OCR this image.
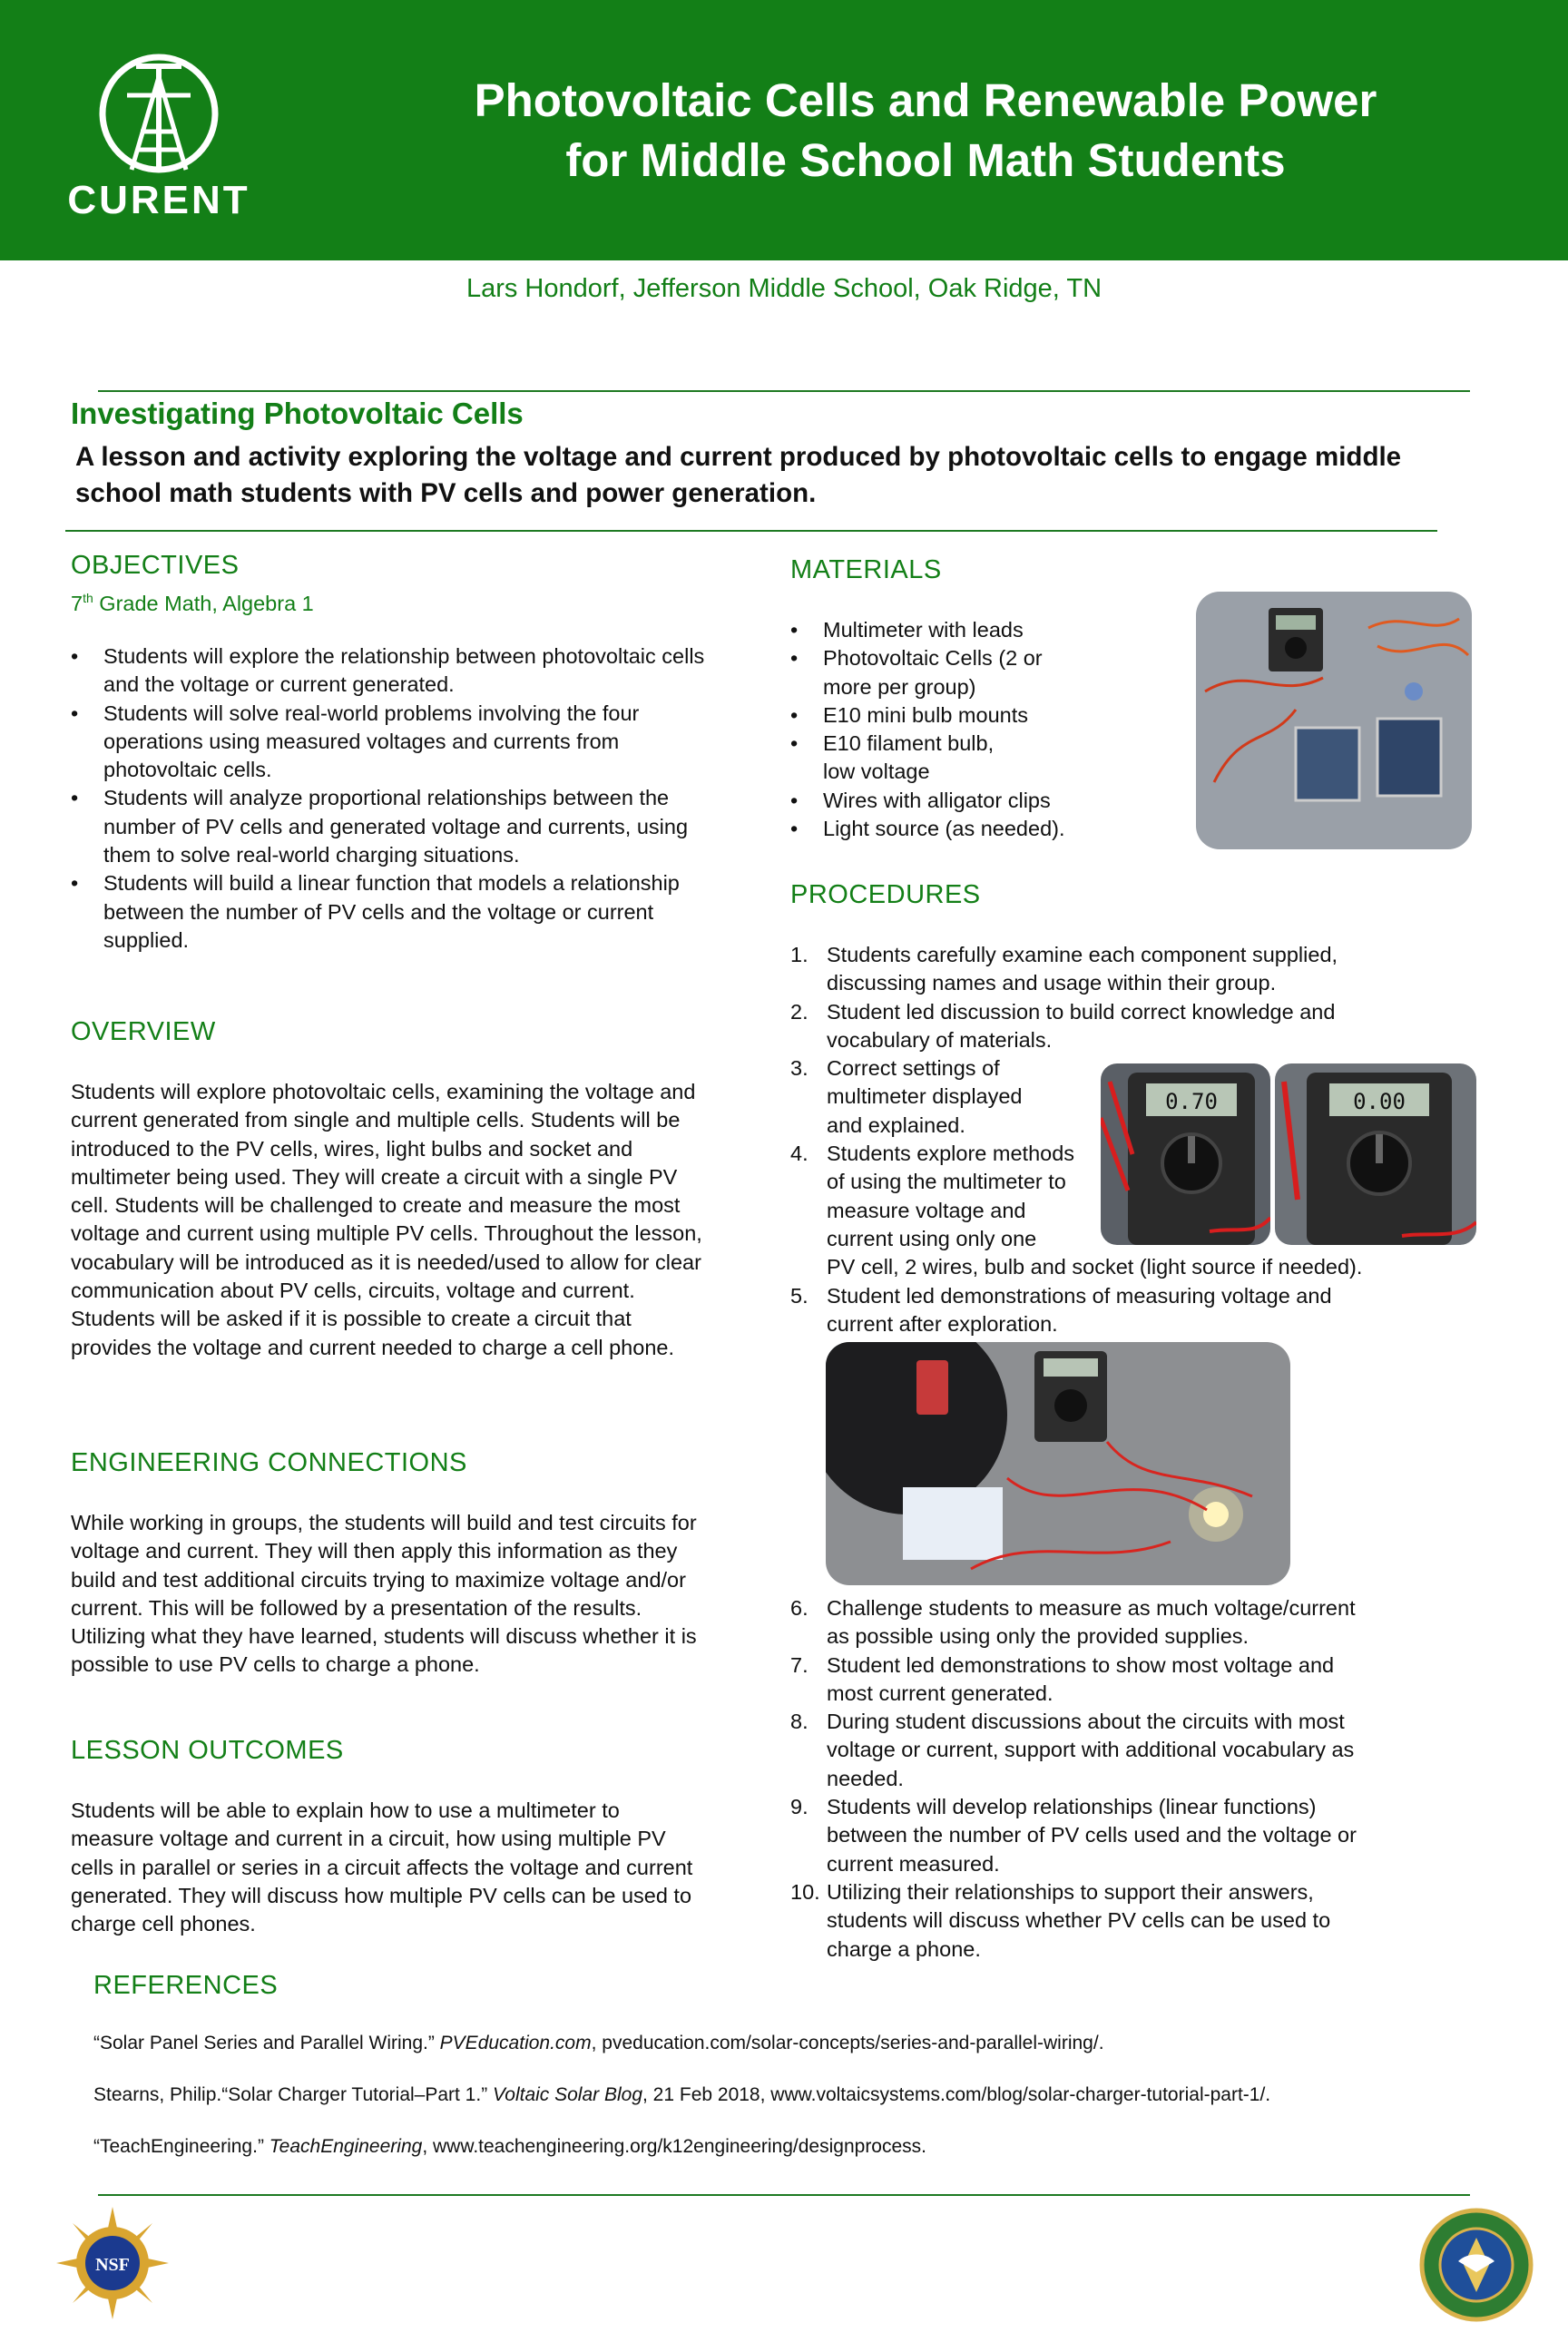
CURENT
Photovoltaic Cells and Renewable Power
for Middle School Math Students
Lars Hondorf, Jefferson Middle School, Oak Ridge, TN
Investigating Photovoltaic Cells
A lesson and activity exploring the voltage and current produced by photovoltaic cells to engage middle school math students with PV cells and power generation.
OBJECTIVES
7th Grade Math, Algebra 1
• Students will explore the relationship between photovoltaic cells and the voltage or current generated.
• Students will solve real-world problems involving the four operations using measured voltages and currents from photovoltaic cells.
• Students will analyze proportional relationships between the number of PV cells and generated voltage and currents, using them to solve real-world charging situations.
• Students will build a linear function that models a relationship between the number of PV cells and the voltage or current supplied.
OVERVIEW
Students will explore photovoltaic cells, examining the voltage and current generated from single and multiple cells. Students will be introduced to the PV cells, wires, light bulbs and socket and multimeter being used. They will create a circuit with a single PV cell. Students will be challenged to create and measure the most voltage and current using multiple PV cells. Throughout the lesson, vocabulary will be introduced as it is needed/used to allow for clear communication about PV cells, circuits, voltage and current. Students will be asked if it is possible to create a circuit that provides the voltage and current needed to charge a cell phone.
ENGINEERING CONNECTIONS
While working in groups, the students will build and test circuits for voltage and current. They will then apply this information as they build and test additional circuits trying to maximize voltage and/or current. This will be followed by a presentation of the results. Utilizing what they have learned, students will discuss whether it is possible to use PV cells to charge a phone.
LESSON OUTCOMES
Students will be able to explain how to use a multimeter to measure voltage and current in a circuit, how using multiple PV cells in parallel or series in a circuit affects the voltage and current generated. They will discuss how multiple PV cells can be used to charge cell phones.
MATERIALS
• Multimeter with leads
• Photovoltaic Cells (2 or
more per group)
• E10 mini bulb mounts
• E10 filament bulb,
low voltage
• Wires with alligator clips
• Light source (as needed).
PROCEDURES
1. Students carefully examine each component supplied,
discussing names and usage within their group.
2. Student led discussion to build correct knowledge and
vocabulary of materials.
3. Correct settings of
multimeter displayed
and explained.
4. Students explore methods
of using the multimeter to
measure voltage and
current using only one
PV cell, 2 wires, bulb and socket (light source if needed).
5. Student led demonstrations of measuring voltage and
current after exploration.
0.70	0.00
6. Challenge students to measure as much voltage/current
as possible using only the provided supplies.
7. Student led demonstrations to show most voltage and
most current generated.
8. During student discussions about the circuits with most
voltage or current, support with additional vocabulary as
needed.
9. Students will develop relationships (linear functions)
between the number of PV cells used and the voltage or
current measured.
10. Utilizing their relationships to support their answers,
students will discuss whether PV cells can be used to
charge a phone.
REFERENCES
“Solar Panel Series and Parallel Wiring.” PVEducation.com, pveducation.com/solar-concepts/series-and-parallel-wiring/.
Stearns, Philip.“Solar Charger Tutorial–Part 1.” Voltaic Solar Blog, 21 Feb 2018, www.voltaicsystems.com/blog/solar-charger-tutorial-part-1/.
“TeachEngineering.” TeachEngineering, www.teachengineering.org/k12engineering/designprocess.
NSF
